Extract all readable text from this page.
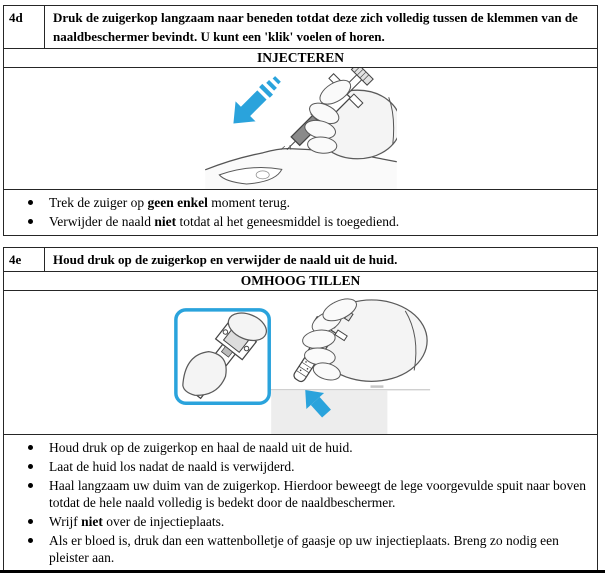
4d	Druk de zuigerkop langzaam naar beneden totdat deze zich volledig tussen de klemmen van de naaldbeschermer bevindt. U kunt een 'klik' voelen of horen.
INJECTEREN
Trek de zuiger op geen enkel moment terug.
Verwijder de naald niet totdat al het geneesmiddel is toegediend.
4e	Houd druk op de zuigerkop en verwijder de naald uit de huid.
OMHOOG TILLEN
Houd druk op de zuigerkop en haal de naald uit de huid.
Laat de huid los nadat de naald is verwijderd.
Haal langzaam uw duim van de zuigerkop. Hierdoor beweegt de lege voorgevulde spuit naar boven totdat de hele naald volledig is bedekt door de naaldbeschermer.
Wrijf niet over de injectieplaats.
Als er bloed is, druk dan een wattenbolletje of gaasje op uw injectieplaats. Breng zo nodig een pleister aan.
